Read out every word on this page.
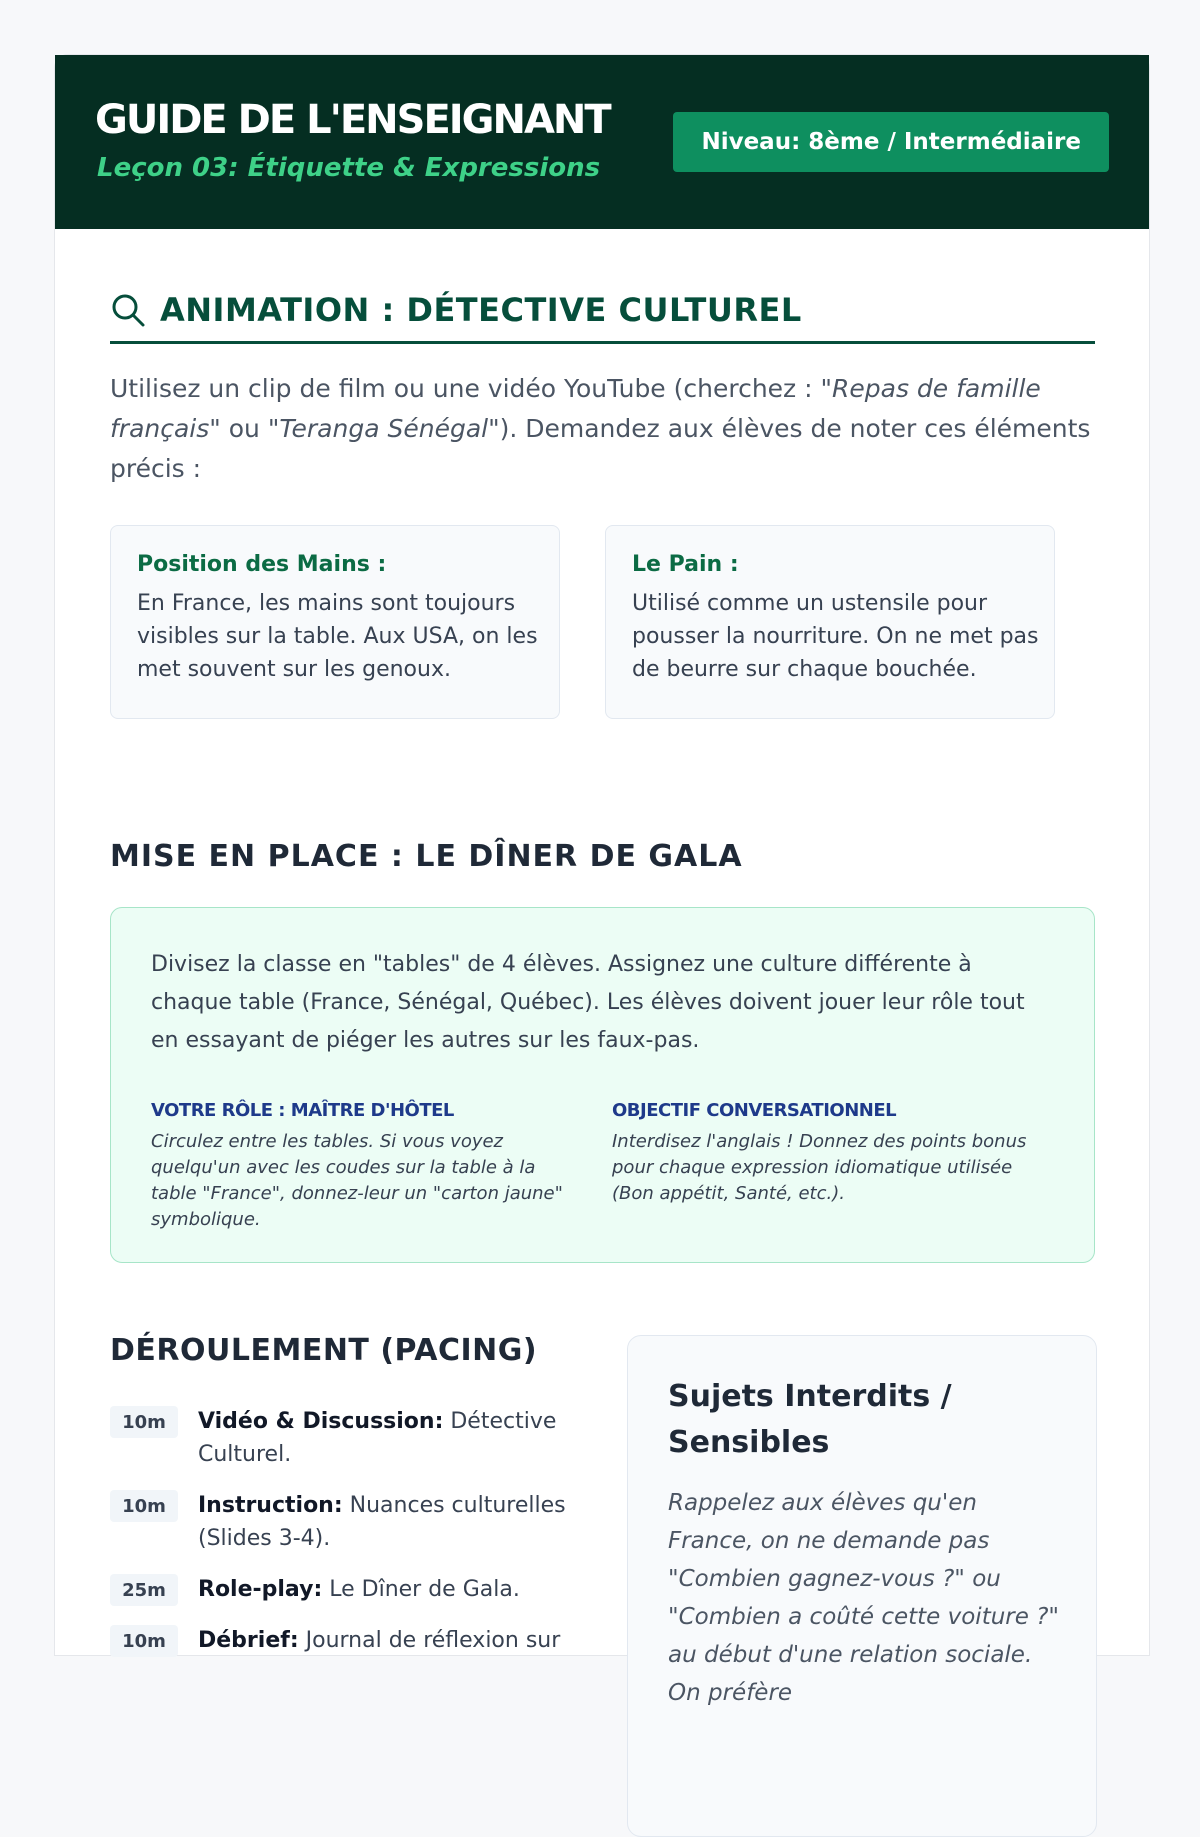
GUIDE DE L'ENSEIGNANT
Leçon 03: Étiquette & Expressions
Niveau: 8ème / Intermédiaire
ANIMATION : DÉTECTIVE CULTUREL
Utilisez un clip de film ou une vidéo YouTube (cherchez : "Repas de famille français" ou "Teranga Sénégal"). Demandez aux élèves de noter ces éléments précis :
Position des Mains :

En France, les mains sont toujours visibles sur la table. Aux USA, on les met souvent sur les genoux.

Le Pain :

Utilisé comme un ustensile pour pousser la nourriture. On ne met pas de beurre sur chaque bouchée.

MISE EN PLACE : LE DÎNER DE GALA

Divisez la classe en "tables" de 4 élèves. Assignez une culture différente à chaque table (France, Sénégal, Québec). Les élèves doivent jouer leur rôle tout en essayant de piéger les autres sur les faux-pas.

VOTRE RÔLE : MAÎTRE D'HÔTEL

Circulez entre les tables. Si vous voyez quelqu'un avec les coudes sur la table à la table "France", donnez-leur un "carton jaune" symbolique.

OBJECTIF CONVERSATIONNEL

Interdisez l'anglais ! Donnez des points bonus pour chaque expression idiomatique utilisée (Bon appétit, Santé, etc.).

DÉROULEMENT (PACING)
10m	Vidéo & Discussion: Détective Culturel.
10m	Instruction: Nuances culturelles (Slides 3-4).
25m	Role-play: Le Dîner de Gala.
10m	Débrief: Journal de réflexion sur
Sujets Interdits / Sensibles

Rappelez aux élèves qu'en France, on ne demande pas "Combien gagnez-vous ?" ou "Combien a coûté cette voiture ?" au début d'une relation sociale. On préfère
